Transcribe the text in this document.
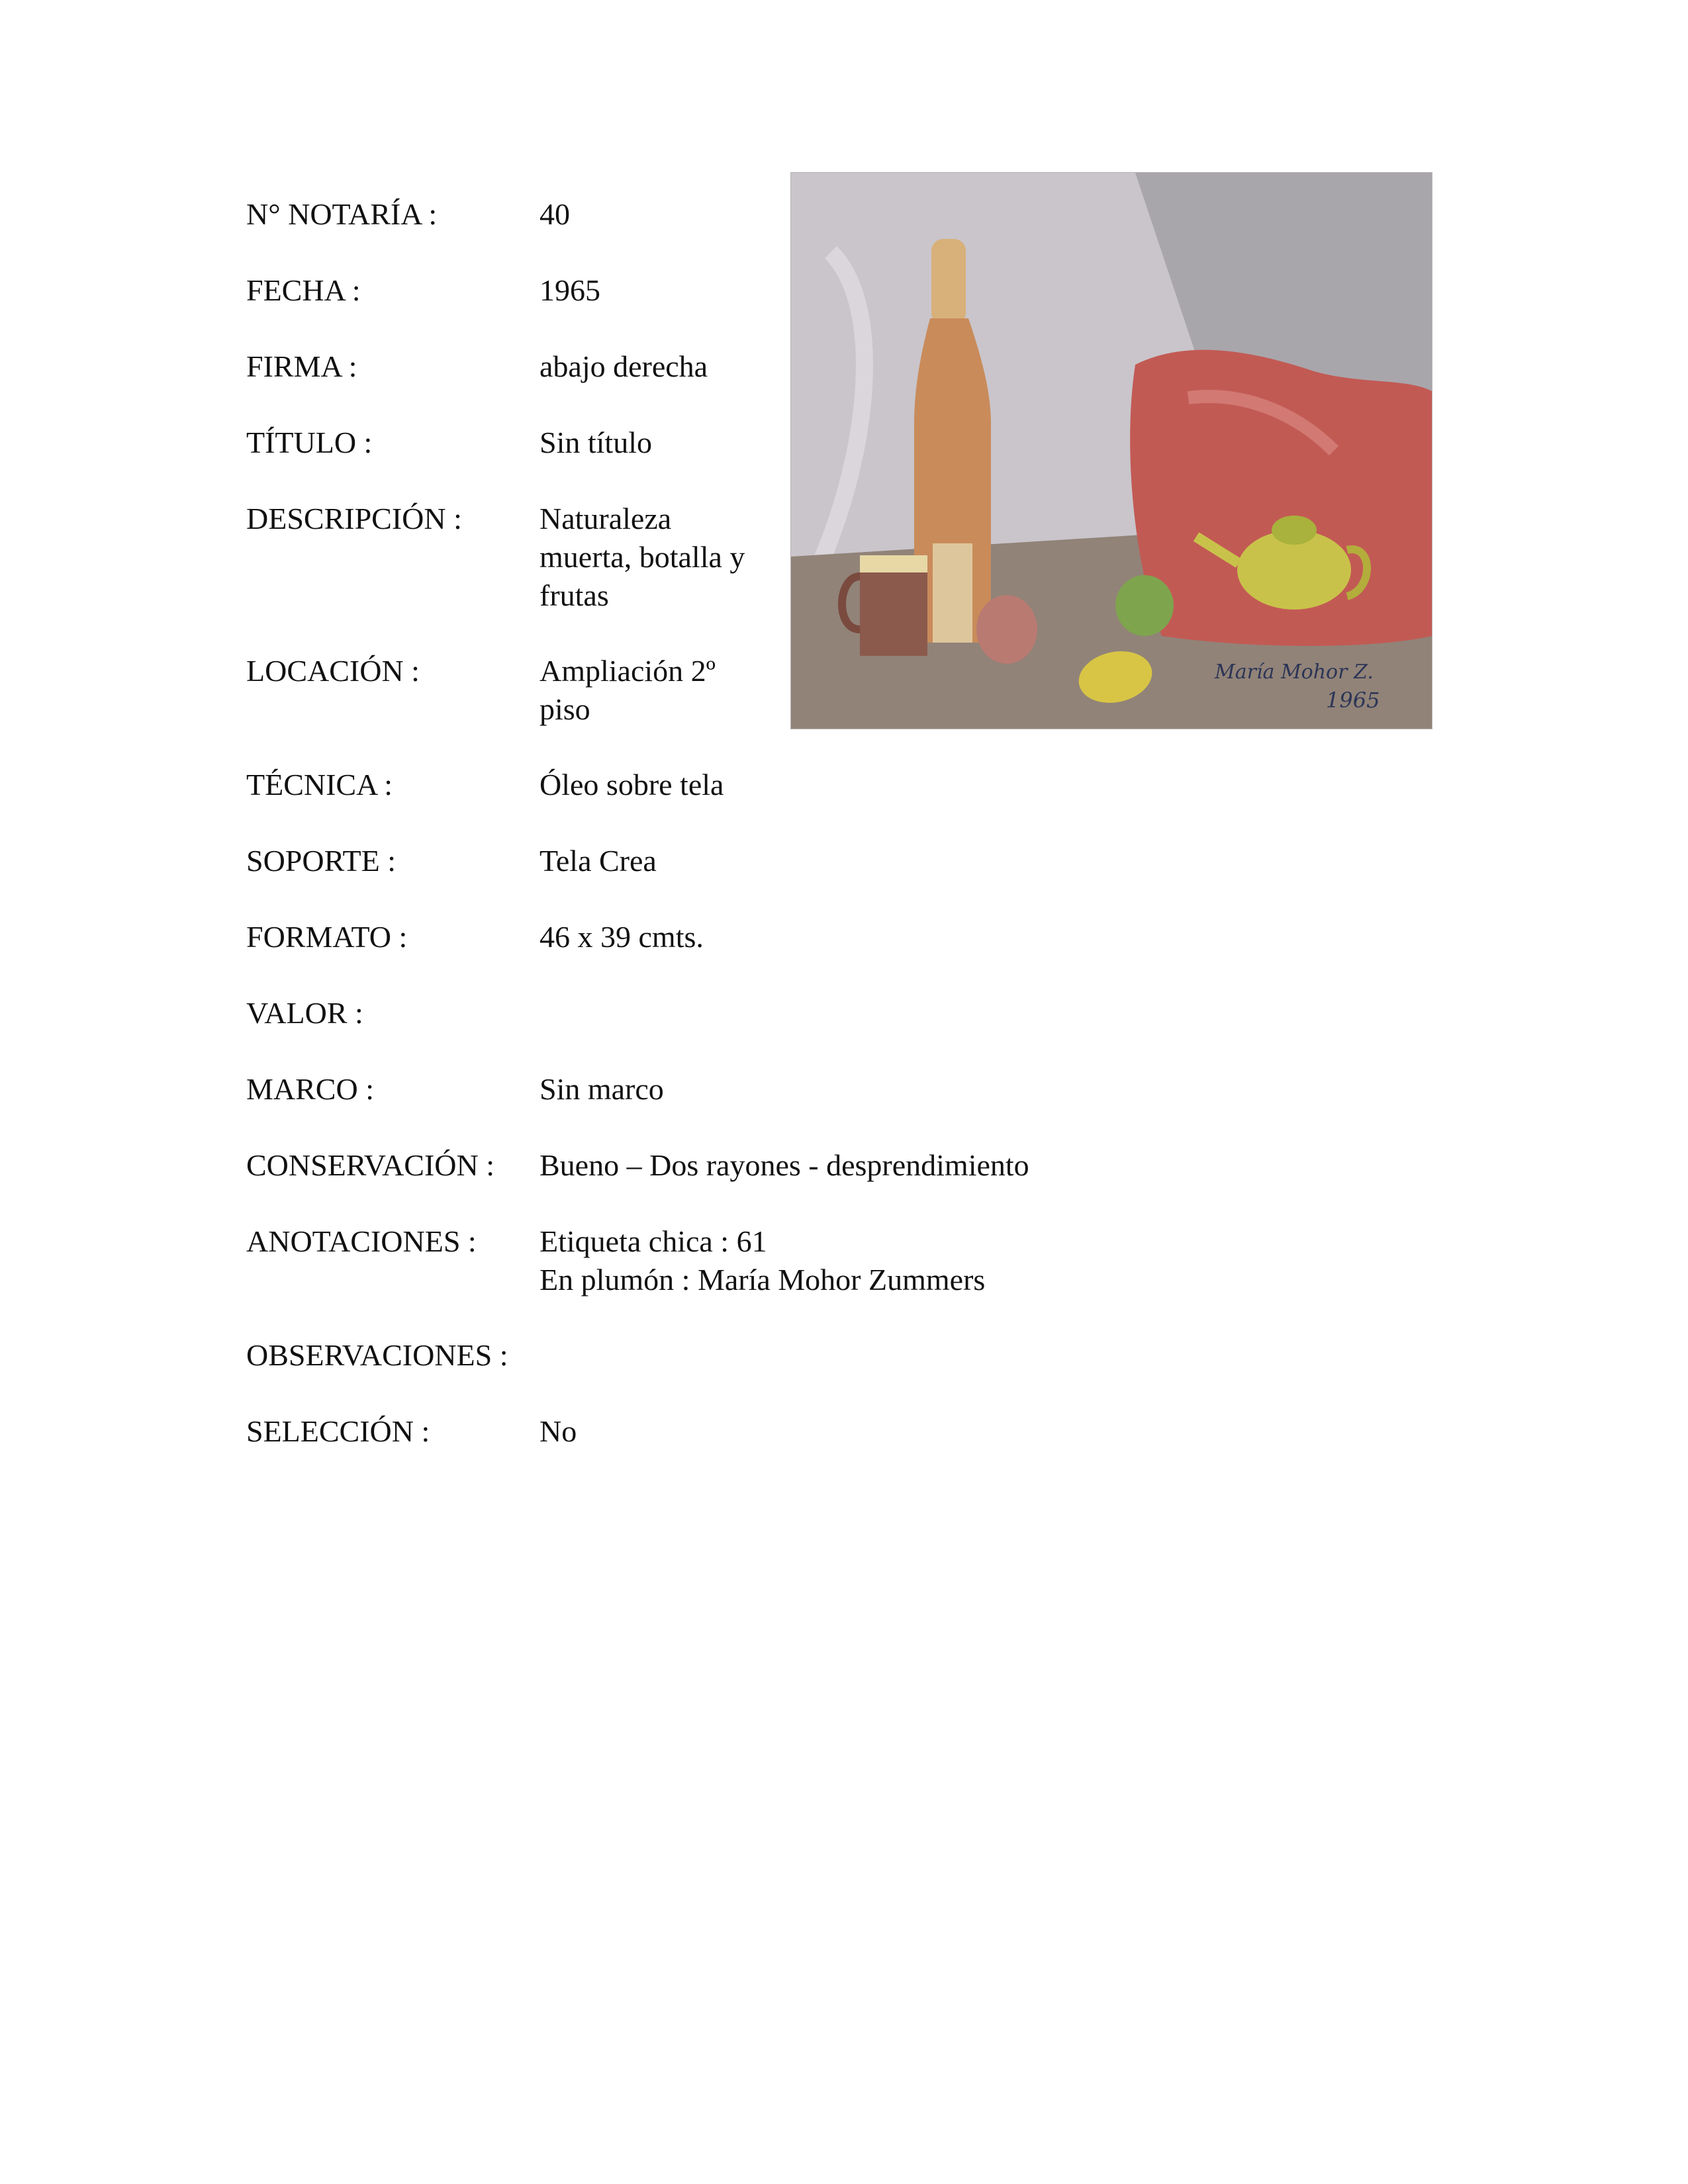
N° NOTARÍA :	40
FECHA :	1965
FIRMA :	abajo derecha
TÍTULO :	Sin título
DESCRIPCIÓN :	Naturaleza
muerta, botalla y
frutas
LOCACIÓN :	Ampliación 2º
piso
TÉCNICA :	Óleo sobre tela
SOPORTE :	Tela Crea
FORMATO :	46 x 39 cmts.
VALOR :
MARCO :	Sin marco
CONSERVACIÓN : Bueno – Dos rayones - desprendimiento
ANOTACIONES : Etiqueta chica : 61
En plumón : María Mohor Zummers
OBSERVACIONES :
SELECCIÓN :	No
María Mohor Z.
1965
